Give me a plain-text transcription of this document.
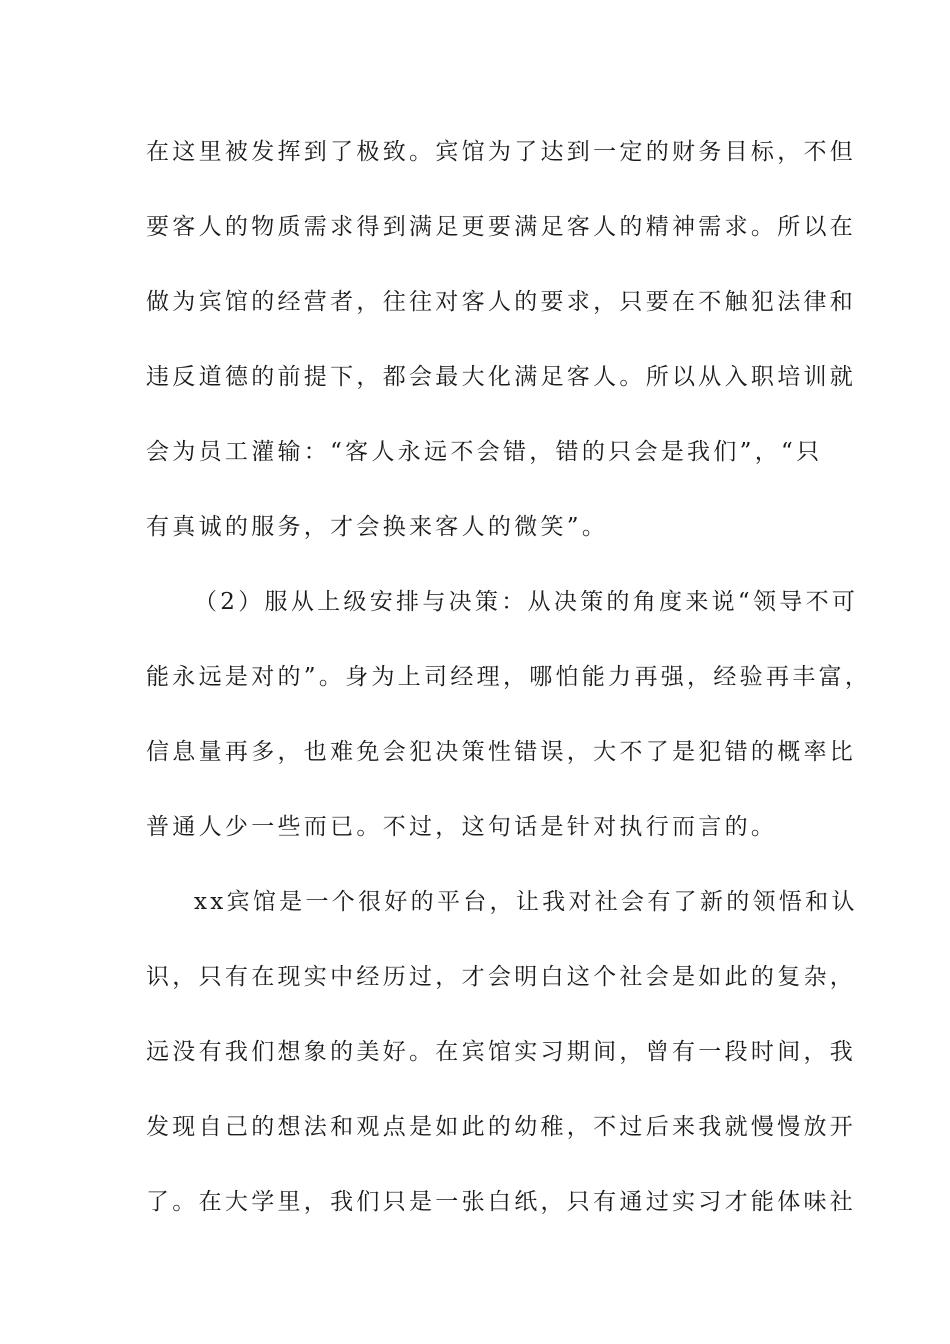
在这里被发挥到了极致。宾馆为了达到一定的财务目标，不但
要客人的物质需求得到满足更要满足客人的精神需求。所以在
做为宾馆的经营者，往往对客人的要求，只要在不触犯法律和
违反道德的前提下，都会最大化满足客人。所以从入职培训就
会为员工灌输：“客人永远不会错，错的只会是我们”，“只
有真诚的服务，才会换来客人的微笑”。
（2）服从上级安排与决策：从决策的角度来说“领导不可
能永远是对的”。身为上司经理，哪怕能力再强，经验再丰富，
信息量再多，也难免会犯决策性错误，大不了是犯错的概率比
普通人少一些而已。不过，这句话是针对执行而言的。
xx宾馆是一个很好的平台，让我对社会有了新的领悟和认
识，只有在现实中经历过，才会明白这个社会是如此的复杂，
远没有我们想象的美好。在宾馆实习期间，曾有一段时间，我
发现自己的想法和观点是如此的幼稚，不过后来我就慢慢放开
了。在大学里，我们只是一张白纸，只有通过实习才能体味社
